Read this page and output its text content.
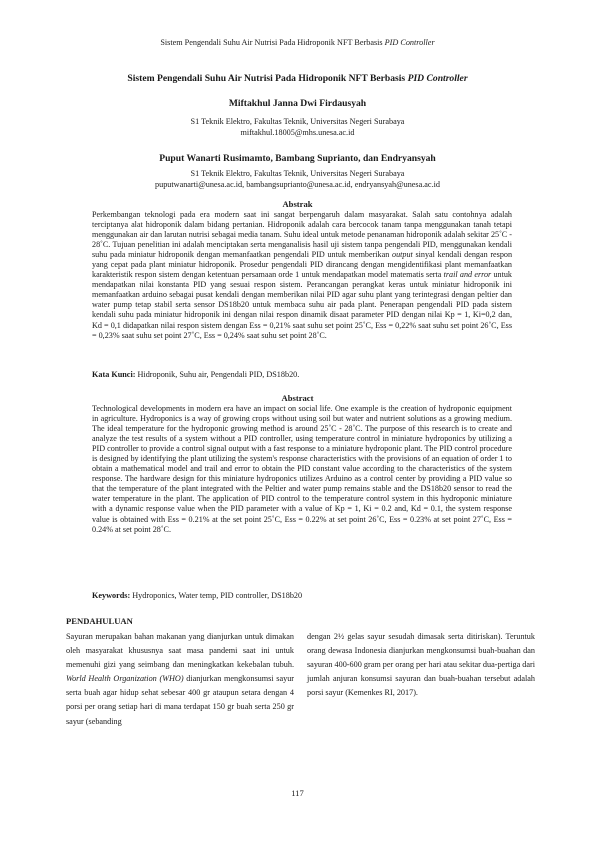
Sistem Pengendali Suhu Air Nutrisi Pada Hidroponik NFT Berbasis PID Controller
Sistem Pengendali Suhu Air Nutrisi Pada Hidroponik NFT Berbasis PID Controller
Miftakhul Janna Dwi Firdausyah
S1 Teknik Elektro, Fakultas Teknik, Universitas Negeri Surabaya
miftakhul.18005@mhs.unesa.ac.id
Puput Wanarti Rusimamto, Bambang Suprianto, dan Endryansyah
S1 Teknik Elektro, Fakultas Teknik, Universitas Negeri Surabaya
puputwanarti@unesa.ac.id, bambangsuprianto@unesa.ac.id, endryansyah@unesa.ac.id
Abstrak
Perkembangan teknologi pada era modern saat ini sangat berpengaruh dalam masyarakat. Salah satu contohnya adalah terciptanya alat hidroponik dalam bidang pertanian. Hidroponik adalah cara bercocok tanam tanpa menggunakan tanah tetapi menggunakan air dan larutan nutrisi sebagai media tanam. Suhu ideal untuk metode penanaman hidroponik adalah sekitar 25˚C - 28˚C. Tujuan penelitian ini adalah menciptakan serta menganalisis hasil uji sistem tanpa pengendali PID, menggunakan kendali suhu pada miniatur hidroponik dengan memanfaatkan pengendali PID untuk memberikan output sinyal kendali dengan respon yang cepat pada plant miniatur hidroponik. Prosedur pengendali PID dirancang dengan mengidentifikasi plant memanfaatkan karakteristik respon sistem dengan ketentuan persamaan orde 1 untuk mendapatkan model matematis serta trail and error untuk mendapatkan nilai konstanta PID yang sesuai respon sistem. Perancangan perangkat keras untuk miniatur hidroponik ini memanfaatkan arduino sebagai pusat kendali dengan memberikan nilai PID agar suhu plant yang terintegrasi dengan peltier dan water pump tetap stabil serta sensor DS18b20 untuk membaca suhu air pada plant. Penerapan pengendali PID pada sistem kendali suhu pada miniatur hidroponik ini dengan nilai respon dinamik disaat parameter PID dengan nilai Kp = 1, Ki=0,2 dan, Kd = 0,1 didapatkan nilai respon sistem dengan Ess = 0,21% saat suhu set point 25˚C, Ess = 0,22% saat suhu set point 26˚C, Ess = 0,23% saat suhu set point 27˚C, Ess = 0,24% saat suhu set point 28˚C.
Kata Kunci: Hidroponik, Suhu air, Pengendali PID, DS18b20.
Abstract
Technological developments in modern era have an impact on social life. One example is the creation of hydroponic equipment in agriculture. Hydroponics is a way of growing crops without using soil but water and nutrient solutions as a growing medium. The ideal temperature for the hydroponic growing method is around 25˚C - 28˚C. The purpose of this research is to create and analyze the test results of a system without a PID controller, using temperature control in miniature hydroponics by utilizing a PID controller to provide a control signal output with a fast response to a miniature hydroponic plant. The PID control procedure is designed by identifying the plant utilizing the system's response characteristics with the provisions of an equation of order 1 to obtain a mathematical model and trail and error to obtain the PID constant value according to the characteristics of the system response. The hardware design for this miniature hydroponics utilizes Arduino as a control center by providing a PID value so that the temperature of the plant integrated with the Peltier and water pump remains stable and the DS18b20 sensor to read the water temperature in the plant. The application of PID control to the temperature control system in this hydroponic miniature with a dynamic response value when the PID parameter with a value of Kp = 1, Ki = 0.2 and, Kd = 0.1, the system response value is obtained with Ess = 0.21% at the set point 25˚C, Ess = 0.22% at set point 26˚C, Ess = 0.23% at set point 27˚C, Ess = 0.24% at set point 28˚C.
Keywords: Hydroponics, Water temp, PID controller, DS18b20
PENDAHULUAN
Sayuran merupakan bahan makanan yang dianjurkan untuk dimakan oleh masyarakat khususnya saat masa pandemi saat ini untuk memenuhi gizi yang seimbang dan meningkatkan kekebalan tubuh. World Health Organization (WHO) dianjurkan mengkonsumsi sayur serta buah agar hidup sehat sebesar 400 gr ataupun setara dengan 4 porsi per orang setiap hari di mana terdapat 150 gr buah serta 250 gr sayur (sebanding
dengan 2½ gelas sayur sesudah dimasak serta ditiriskan). Teruntuk orang dewasa Indonesia dianjurkan mengkonsumsi buah-buahan dan sayuran 400-600 gram per orang per hari atau sekitar dua-pertiga dari jumlah anjuran konsumsi sayuran dan buah-buahan tersebut adalah porsi sayur (Kemenkes RI, 2017).
117
